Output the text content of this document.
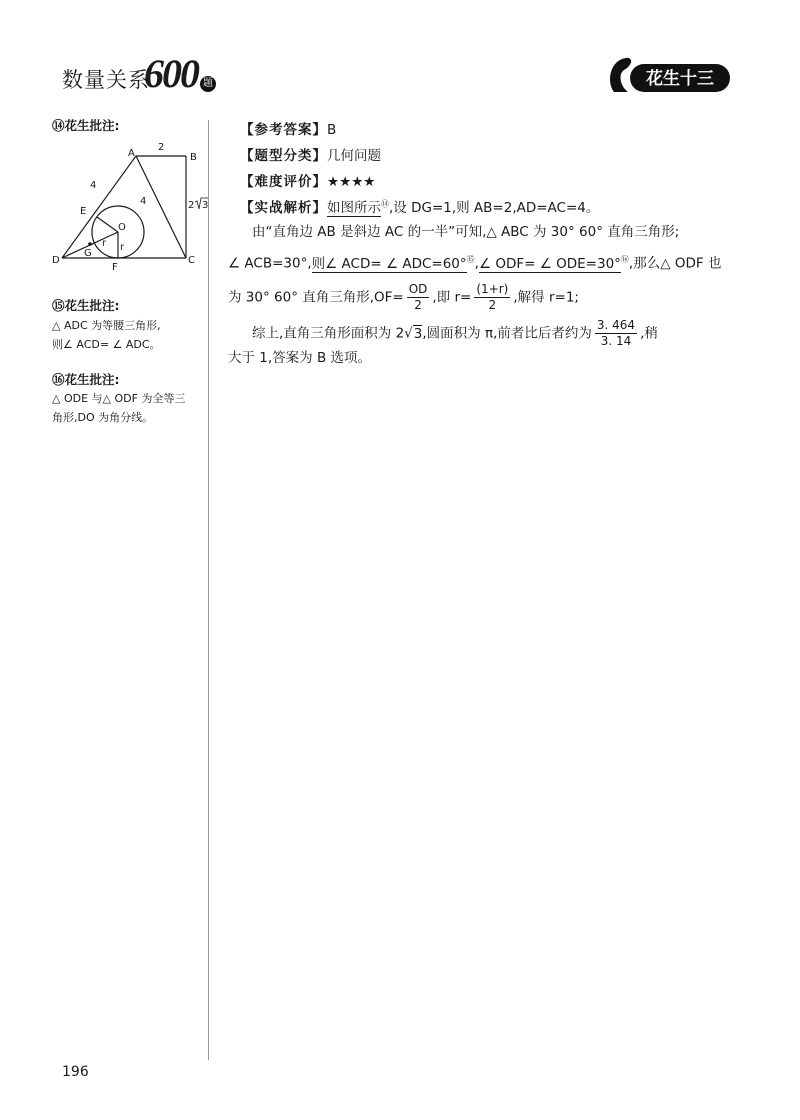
数量关系
600 题	花生十三
⑭花生批注:
A	B
C
D
E
F
G
O
r r
2
4
4	2 3
⑮花生批注:
△ ADC 为等腰三角形,
则∠ ACD= ∠ ADC。
⑯花生批注:
△ ODE 与△ ODF 为全等三
角形,DO 为角分线。
【参考答案】B
【题型分类】几何问题
【难度评价】★★★★
【实战解析】如图所示⑭,设 DG=1,则 AB=2,AD=AC=4。
由“直角边 AB 是斜边 AC 的一半”可知,△ ABC 为 30° 60° 直角三角形;
∠ ACB=30°,则∠ ACD= ∠ ADC=60°⑮,∠ ODF= ∠ ODE=30°⑯,那么△ ODF 也
为 30° 60° 直角三角形$,OF= \frac{OD}{2}$ ,即 $r= \frac{(1+r)}{2}$ ,解得 r=1;
综上,直角三角形面积为 2√3,圆面积为 π,前者比后者约为 $\frac{3. 464}{3. 14}$ ,稍
大于 1,答案为 B 选项。
196
